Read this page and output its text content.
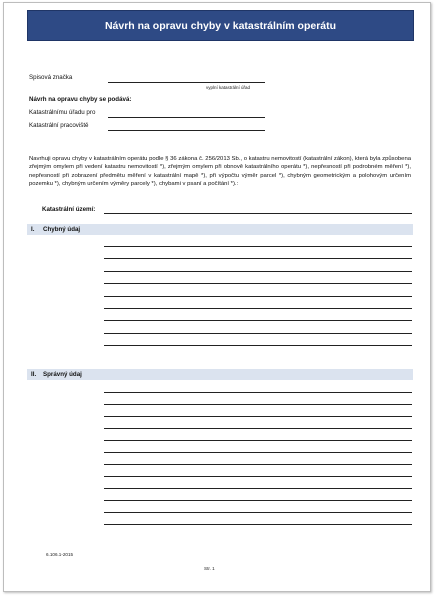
Návrh na opravu chyby v katastrálním operátu
Spisová značka
vyplní katastrální úřad
Návrh na opravu chyby se podává:
Katastrálnímu úřadu pro
Katastrální pracoviště
Navrhuji opravu chyby v katastrálním operátu podle § 36 zákona č. 256/2013 Sb., o katastru nemovitostí (katastrální zákon), která byla způsobena zřejmým omylem při vedení katastru nemovitostí *), zřejmým omylem při obnově katastrálního operátu *), nepřesností při podrobném měření *), nepřesností při zobrazení předmětu měření v katastrální mapě *), při výpočtu výměr parcel *), chybným geometrickým a polohovým určením pozemku *), chybným určením výměry parcely *), chybami v psaní a počítání *).:
Katastrální území:
I. Chybný údaj
II. Správný údaj
6.106.1-2015
Str. 1
